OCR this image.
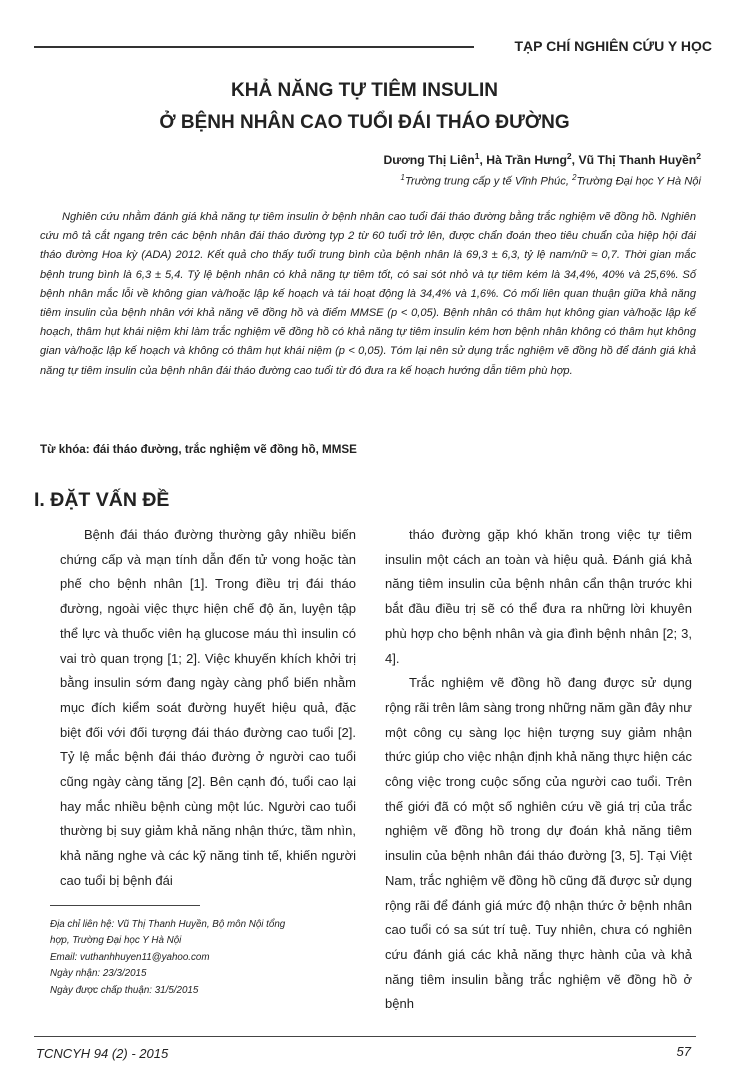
TẠP CHÍ NGHIÊN CỨU Y HỌC
KHẢ NĂNG TỰ TIÊM INSULIN
Ở BỆNH NHÂN CAO TUỔI ĐÁI THÁO ĐƯỜNG
Dương Thị Liên$^1$, Hà Trần Hưng$^2$, Vũ Thị Thanh Huyền$^2$
$^1$Trường trung cấp y tế Vĩnh Phúc, $^2$Trường Đại học Y Hà Nội
Nghiên cứu nhằm đánh giá khả năng tự tiêm insulin ở bệnh nhân cao tuổi đái tháo đường bằng trắc nghiệm vẽ đồng hồ. Nghiên cứu mô tả cắt ngang trên các bệnh nhân đái tháo đường typ 2 từ 60 tuổi trở lên, được chẩn đoán theo tiêu chuẩn của hiệp hội đái tháo đường Hoa kỳ (ADA) 2012. Kết quả cho thấy tuổi trung bình của bệnh nhân là 69,3 ± 6,3, tỷ lệ nam/nữ ≈ 0,7. Thời gian mắc bệnh trung bình là 6,3 ± 5,4. Tỷ lệ bệnh nhân có khả năng tự tiêm tốt, có sai sót nhỏ và tự tiêm kém là 34,4%, 40% và 25,6%. Số bệnh nhân mắc lỗi về không gian và/hoặc lập kế hoạch và tái hoạt động là 34,4% và 1,6%. Có mối liên quan thuận giữa khả năng tiêm insulin của bệnh nhân với khả năng vẽ đồng hồ và điểm MMSE (p < 0,05). Bệnh nhân có thâm hụt không gian và/hoặc lập kế hoạch, thâm hụt khái niệm khi làm trắc nghiệm vẽ đồng hồ có khả năng tự tiêm insulin kém hơn bệnh nhân không có thâm hụt không gian và/hoặc lập kế hoạch và không có thâm hụt khái niệm (p < 0,05). Tóm lại nên sử dụng trắc nghiệm vẽ đồng hồ để đánh giá khả năng tự tiêm insulin của bệnh nhân đái tháo đường cao tuổi từ đó đưa ra kế hoạch hướng dẫn tiêm phù hợp.
Từ khóa: đái tháo đường, trắc nghiệm vẽ đồng hồ, MMSE
I. ĐẶT VẤN ĐỀ

Bệnh đái tháo đường thường gây nhiều biến chứng cấp và mạn tính dẫn đến tử vong hoặc tàn phế cho bệnh nhân [1]. Trong điều trị đái tháo đường, ngoài việc thực hiện chế độ ăn, luyện tập thể lực và thuốc viên hạ glucose máu thì insulin có vai trò quan trọng [1; 2]. Việc khuyến khích khởi trị bằng insulin sớm đang ngày càng phổ biến nhằm mục đích kiểm soát đường huyết hiệu quả, đặc biệt đối với đối tượng đái tháo đường cao tuổi [2]. Tỷ lệ mắc bệnh đái tháo đường ở người cao tuổi cũng ngày càng tăng [2]. Bên cạnh đó, tuổi cao lại hay mắc nhiều bệnh cùng một lúc. Người cao tuổi thường bị suy giảm khả năng nhận thức, tầm nhìn, khả năng nghe và các kỹ năng tinh tế, khiến người cao tuổi bị bệnh đái

tháo đường gặp khó khăn trong việc tự tiêm insulin một cách an toàn và hiệu quả. Đánh giá khả năng tiêm insulin của bệnh nhân cẩn thận trước khi bắt đầu điều trị sẽ có thể đưa ra những lời khuyên phù hợp cho bệnh nhân và gia đình bệnh nhân [2; 3, 4].

Trắc nghiệm vẽ đồng hồ đang được sử dụng rộng rãi trên lâm sàng trong những năm gần đây như một công cụ sàng lọc hiện tượng suy giảm nhận thức giúp cho việc nhận định khả năng thực hiện các công việc trong cuộc sống của người cao tuổi. Trên thế giới đã có một số nghiên cứu về giá trị của trắc nghiệm vẽ đồng hồ trong dự đoán khả năng tiêm insulin của bệnh nhân đái tháo đường [3, 5]. Tại Việt Nam, trắc nghiệm vẽ đồng hồ cũng đã được sử dụng rộng rãi để đánh giá mức độ nhận thức ở bệnh nhân cao tuổi có sa sút trí tuệ. Tuy nhiên, chưa có nghiên cứu đánh giá các khả năng thực hành của và khả năng tiêm insulin bằng trắc nghiệm vẽ đồng hồ ở bệnh

Địa chỉ liên hệ: Vũ Thị Thanh Huyền, Bộ môn Nội tổng
hợp, Trường Đại học Y Hà Nội
Email: vuthanhhuyen11@yahoo.com
Ngày nhận: 23/3/2015
Ngày được chấp thuận: 31/5/2015
TCNCYH 94 (2) - 2015	57
